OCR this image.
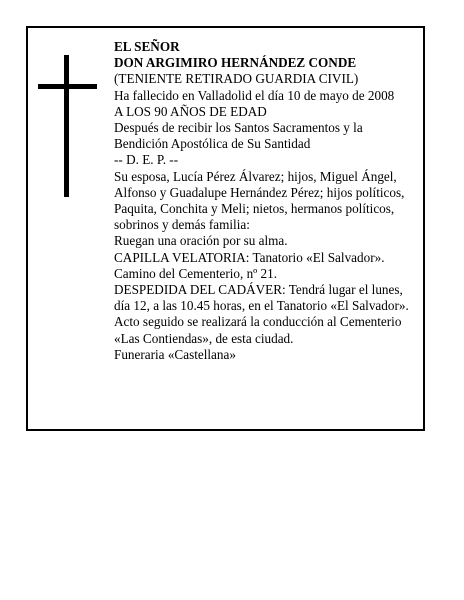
EL SEÑOR
DON ARGIMIRO HERNÁNDEZ CONDE
(TENIENTE RETIRADO GUARDIA CIVIL)
Ha fallecido en Valladolid el día 10 de mayo de 2008
A LOS 90 AÑOS DE EDAD
Después de recibir los Santos Sacramentos y la
Bendición Apostólica de Su Santidad
-- D. E. P. --
Su esposa, Lucía Pérez Álvarez; hijos, Miguel Ángel,
Alfonso y Guadalupe Hernández Pérez; hijos políticos,
Paquita, Conchita y Meli; nietos, hermanos políticos,
sobrinos y demás familia:
Ruegan una oración por su alma.
CAPILLA VELATORIA: Tanatorio «El Salvador».
Camino del Cementerio, nº 21.
DESPEDIDA DEL CADÁVER: Tendrá lugar el lunes,
día 12, a las 10.45 horas, en el Tanatorio «El Salvador».
Acto seguido se realizará la conducción al Cementerio
«Las Contiendas», de esta ciudad.
Funeraria «Castellana»
